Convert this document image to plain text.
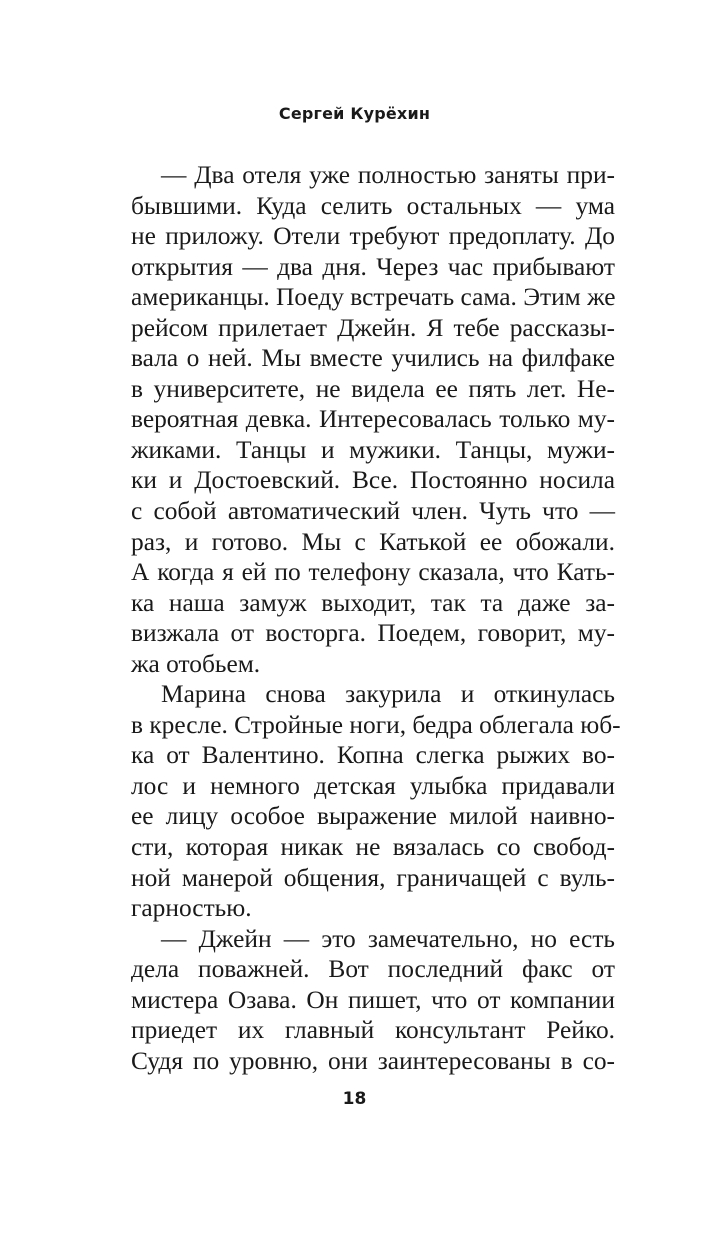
Сергей Курёхин
— Два отеля уже полностью заняты при-
бывшими. Куда селить остальных — ума
не приложу. Отели требуют предоплату. До
открытия — два дня. Через час прибывают
американцы. Поеду встречать сама. Этим же
рейсом прилетает Джейн. Я тебе рассказы-
вала о ней. Мы вместе учились на филфаке
в университете, не видела ее пять лет. Не-
вероятная девка. Интересовалась только му-
жиками. Танцы и мужики. Танцы, мужи-
ки и Достоевский. Все. Постоянно носила
с собой автоматический член. Чуть что —
раз, и готово. Мы с Катькой ее обожали.
А когда я ей по телефону сказала, что Кать-
ка наша замуж выходит, так та даже за-
визжала от восторга. Поедем, говорит, му-
жа отобьем.
Марина снова закурила и откинулась
в кресле. Стройные ноги, бедра облегала юб-
ка от Валентино. Копна слегка рыжих во-
лос и немного детская улыбка придавали
ее лицу особое выражение милой наивно-
сти, которая никак не вязалась со свобод-
ной манерой общения, граничащей с вуль-
гарностью.
— Джейн — это замечательно, но есть
дела поважней. Вот последний факс от
мистера Озава. Он пишет, что от компании
приедет их главный консультант Рейко.
Судя по уровню, они заинтересованы в со-
18
